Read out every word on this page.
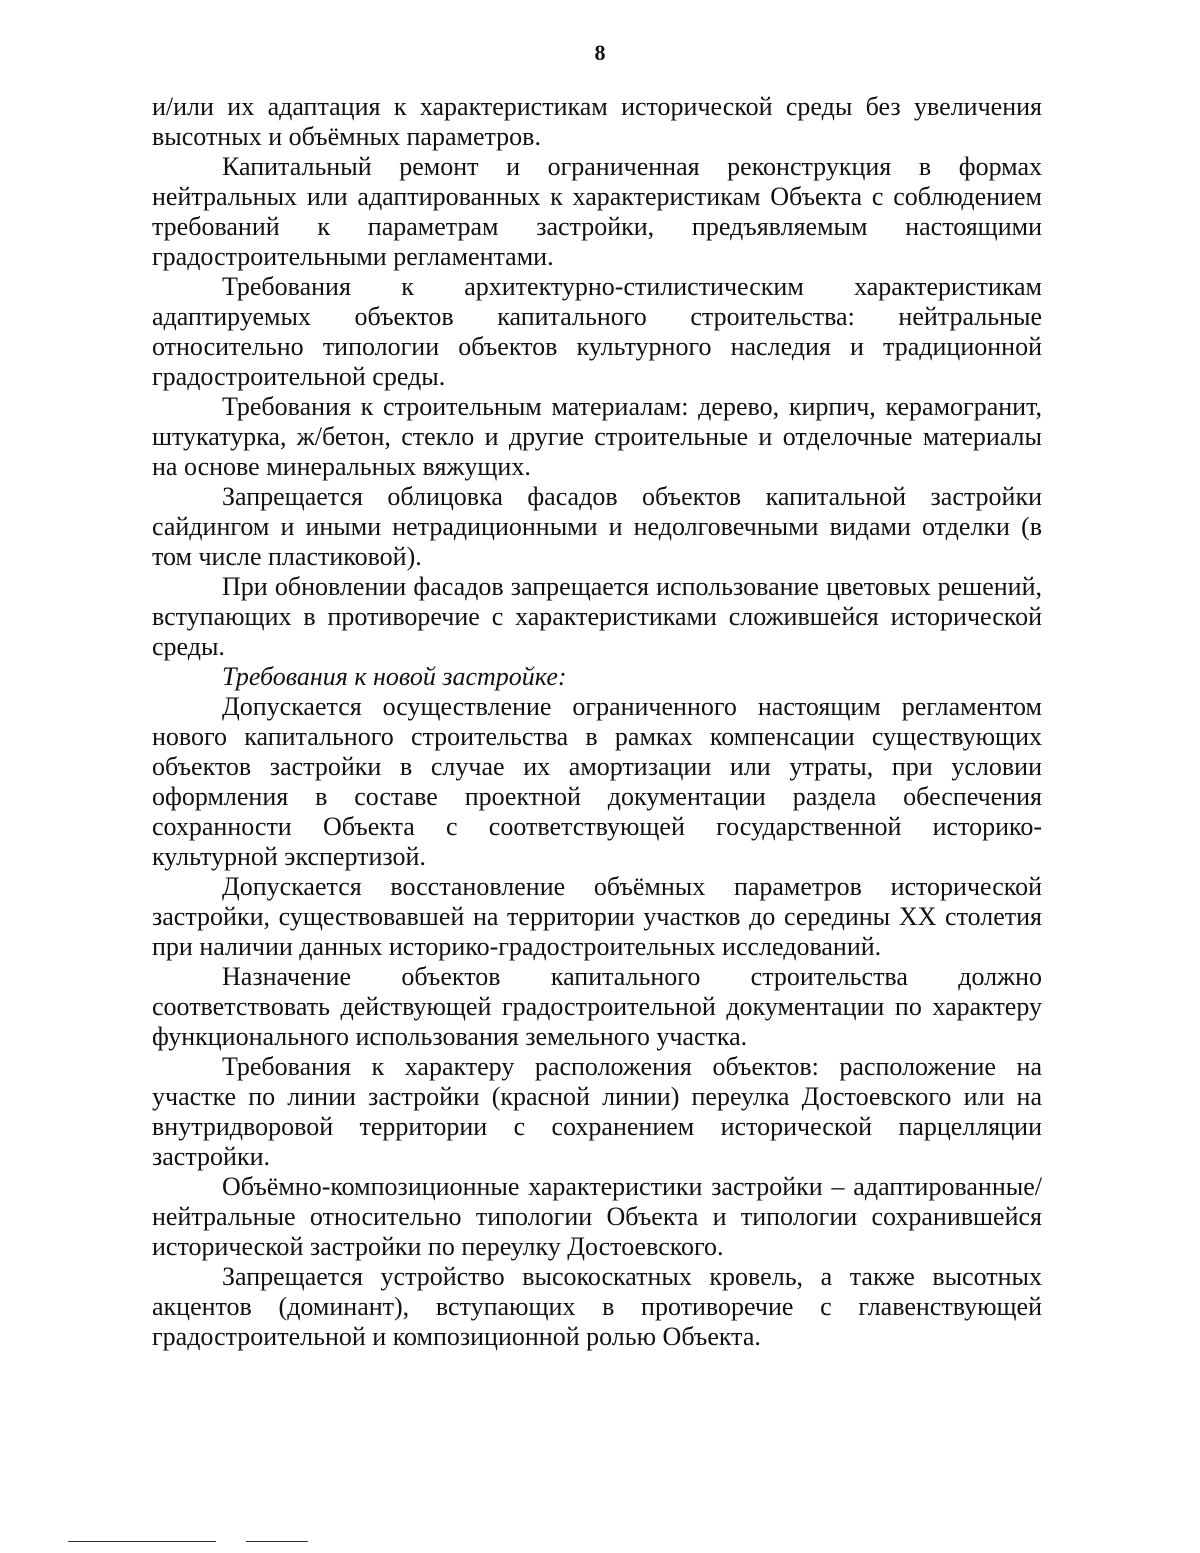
8

и/или их адаптация к характеристикам исторической среды без увеличения высотных и объёмных параметров.

Капитальный ремонт и ограниченная реконструкция в формах нейтральных или адаптированных к характеристикам Объекта с соблюдением требований к параметрам застройки, предъявляемым настоящими градостроительными регламентами.

Требования к архитектурно-стилистическим характеристикам адаптируемых объектов капитального строительства: нейтральные относительно типологии объектов культурного наследия и традиционной градостроительной среды.

Требования к строительным материалам: дерево, кирпич, керамогранит, штукатурка, ж/бетон, стекло и другие строительные и отделочные материалы на основе минеральных вяжущих.

Запрещается облицовка фасадов объектов капитальной застройки сайдингом и иными нетрадиционными и недолговечными видами отделки (в том числе пластиковой).

При обновлении фасадов запрещается использование цветовых решений, вступающих в противоречие с характеристиками сложившейся исторической среды.

Требования к новой застройке:

Допускается осуществление ограниченного настоящим регламентом нового капитального строительства в рамках компенсации существующих объектов застройки в случае их амортизации или утраты, при условии оформления в составе проектной документации раздела обеспечения сохранности Объекта с соответствующей государственной историко-культурной экспертизой.

Допускается восстановление объёмных параметров исторической застройки, существовавшей на территории участков до середины XX столетия при наличии данных историко-градостроительных исследований.

Назначение объектов капитального строительства должно соответствовать действующей градостроительной документации по характеру функционального использования земельного участка.

Требования к характеру расположения объектов: расположение на участке по линии застройки (красной линии) переулка Достоевского или на внутридворовой территории с сохранением исторической парцелляции застройки.

Объёмно-композиционные характеристики застройки – адаптированные/ нейтральные относительно типологии Объекта и типологии сохранившейся исторической застройки по переулку Достоевского.

Запрещается устройство высокоскатных кровель, а также высотных акцентов (доминант), вступающих в противоречие с главенствующей градостроительной и композиционной ролью Объекта.
